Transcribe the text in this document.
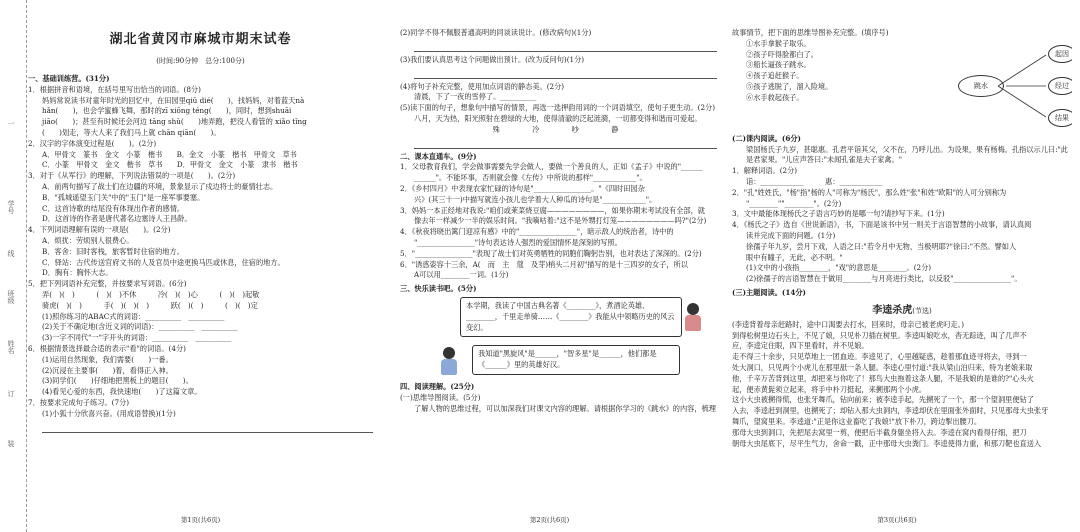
一
学号
线
班级
姓名
订
装
湖北省黄冈市麻城市期末试卷
(时间:90分钟　总分:100分)
一、基础训练营。(31分)
1．根据拼音和语境，在括号里写出恰当的词语。(8分)
妈妈常说读书对童年时光的回忆中，在田园里qiǔ dié(　　)，找妈妈，对着蓝天nà
hǎn(　　)，也会学蜜蜂飞舞，那时的zī xiōng téng(　　)，同时，想到shuāi
jiāo(　　)；甚至有时候还会河边 tāng shǔ(　　)地弄跑，把没人看管的 xiǎo tǐng
(　　)划走，等大人来了我们马上就 chān qiān(　　)。
2．汉字的字体演变过程是(　　)。(2分)
A．甲骨文　篆书　金文　小篆　楷书　　B．金文　小篆　楷书　甲骨文　草书
C．小篆　甲骨文　金文　楷书　草书　　D．甲骨文　金文　小篆　隶书　楷书
3．对于《从军行》的理解，下列说法错误的一项是(　　)。(2分)
A．前两句描写了战士们在边疆的环境，景象显示了戍边将士的豪情壮志。
B．"孤城遥望玉门关"中的"玉门"是一座军事要塞。
C．这首诗歌的结尾没有体现出作者的感情。
D．这首诗的作者是唐代著名边塞诗人王昌龄。
4．下列词语理解有误的一项是(　　)。(2分)
A．烦扰：劳烦别人很费心。
B．客舍：旧时客栈，旅客暂时住宿的地方。
C．驿站：古代传送官府文书的人及官员中途更换马匹或休息，住宿的地方。
D．胸有：胸怀大志。
5．把下列词语补充完整，并按要求写词语。(6分)
弄(　)(　)　　　(　)(　)不休　　　冷(　)(　)心　　　(　)(　)起敬
骑虎(　)(　)　　　手(　)(　)(　)　　　跃(　)(　)　　　(　)(　)定
(1)照你练习的ABAC式的词语：__________　__________
(2)关于不确定地(含近义词的词语)：__________　__________
(3)一字不同代"一"字开头的词语：__________　__________
6．根据情景选择最合适的表示"看"的词语。(4分)
(1)运用自然现象，我们需要(　　)一番。
(2)沉浸在主要事(　　)着，看得正入神。
(3)同学们(　　)仔细地把黑板上的题目(　　)。
(4)看见心爱的东西，我快速地(　　)了这篇文章。
7．按要求完成句子练习。(7分)
(1)小狐十分欣喜兴奋。(用成语替换)(1分)
第1页(共6页)
(2)同学不得不佩服普通高明的同谈读说计。(修改病句)(1分)
(3)我们要认真思考这个问题做出预计。(改为反问句)(1分)
(4)将句子补充完整，使用加点词语的静态美。(2分)
清晨，下了一夜的雪停了。__________
(5)读下面的句子，想象句中描写的情景，再选一选押韵用词的一个词语填空，使句子更生动。(2分)
八月，天为热，阳光照射在碧绿的大地，使得清澈的泛起涟漪，一切都变得和谐而可爱起。
殊　　冷　　吵　　静
二、课本直通车。(9分)
1．父母教育我们，学会做事需要先学会做人，要做一个善良的人，正如《孟子》中说的"______
______"。不能坏事，否则就会像《左传》中所说的那样"____________"。
2．《乡村四月》中表现农家忙碌的诗句是"________________。"《四时田园杂
兴》(其三十一)中描写就连小孩儿也学着大人种瓜的诗句是"____________"。
3．妈妈一本正经地对我说:"咱们或莱菜烧豆腐————————，如果你期末考试没有全部，就
像去年一样减少一半的娱乐时间。"我嘀咕着:"这不是外甥打灯笼————————吗?"(2分)
4．《秋夜将晓出篱门迎凉有感》中的"________________"，暗示敌人的统治者，诗中的
"________________"诗句表达诗人强烈的爱国情怀是深刻的写照。
5．"________________"表现了战士们对英勇牺牲的同胞们鞠躬告别，也对表达了深深的。(2分)
6．"诱惑姿容十三余，A(　而　主　蔻　及芽)梢头二月初"描写的是十三四岁的女子，所以
A可以用________一词。(1分)
三、快乐读书吧。(5分)
本学期，我读了中国古典名著《________》，煮酒论英雄、________，千里走单骑……《________》我能从中领略历史的风云变幻。
我知道"黑旋风"是______，"智多星"是______，他们都是《______》里的英雄好汉。
四、阅读理解。(25分)
(一)思维导图阅读。(5分)
了解人物的思维过程，可以加深我们对课文内容的理解。请根据你学习的《跳水》的内容，梳理
第2页(共6页)
故事情节，把下面的思维导图补充完整。(填序号)
①水手拿猴子取乐。
②孩子吓得脸都白了。
③船长逼孩子跳水。
④孩子追赶猴子。
⑤孩子逃脱了，溜入险境。
⑥水手救起孩子。
跳水
起因
经过
结果
(二)课内阅读。(6分)
梁国杨氏子九岁，甚聪惠。孔君平诣其父，父不在，乃呼儿出。为设果，果有杨梅。孔指以示儿曰:"此是君家果。"儿应声答曰:"未闻孔雀是夫子家禽。"
1．解释词语。(2分)
诣：____________　　　惠：____________
2．"孔"姓姓氏，"杨"指"杨的人"可称为"杨氏"，那么姓"张"和姓"欧阳"的人可分别称为
"________""________"。(2分)
3．文中最能体现杨氏之子语言巧妙的是哪一句?请抄写下来。(1分)
4．《杨氏之子》选自《世说新语》，书，下面是该书中另一则关于言语智慧的小故事，请认真阅
读并完成下面的问题。(1分)
徐孺子年九岁，尝月下戏，人语之曰:"若令月中无物，当极明耶?"徐曰:"不然。譬如人
眼中有瞳子，无此，必不明。"
(1)文中的小孩指________，"戏"的意思是________。(2分)
(2)徐孺子的言语智慧在于做用________与月亮进行类比，以反驳"________________"。
(三)主题阅读。(14分)
李逵杀虎(节选)
(李逵背着母亲赶路时，途中口渴要去打水，回来时，母亲已被老虎叼走。)
到得松树里边石头上，不见了娘，只见朴刀插在树里。李逵叫娘吃水，杳无踪迹，叫了几声不
应，李逵定住眼，四下里看时，并不见娘。
走不得三十余步，只见草地上一团血迹。李逵见了，心里越疑惑，趁着那血迹寻将去，寻到一
处大洞口，只见两个小虎儿在那里舐一条人腿。李逵心里忖道:"我从梁山泊归来，特为老娘来取
他，千辛万苦背到这里，却把来与你吃了！那鸟大虫拖着这条人腿，不是我娘的是谁的?"心头火
起，便赤黄髭须立起来，将手中朴刀挺起，来搠那两个小虎。
这小大虫被搠得慌，也张牙舞爪，钻向前来；被李逵手起，先搠死了一个，那一个望洞里便钻了
入去，李逵赶到洞里，也搠死了；却钻入那大虫洞内，李逵却伏在里面张外面时，只见那母大虫张牙
舞爪，望窝里来。李逵道:"正是你这业畜吃了我娘!"放下朴刀，跨边掣出腰刀。
那母大虫到洞口，先把尾去窝里一剪，便把后半截身躯坐将入去。李逵在窝内看得仔细，把刀
朝母大虫尾底下，尽平生气力，舍命一戳，正中那母大虫粪门。李逵使得力重，和那刀靶也直送入
第3页(共6页)
